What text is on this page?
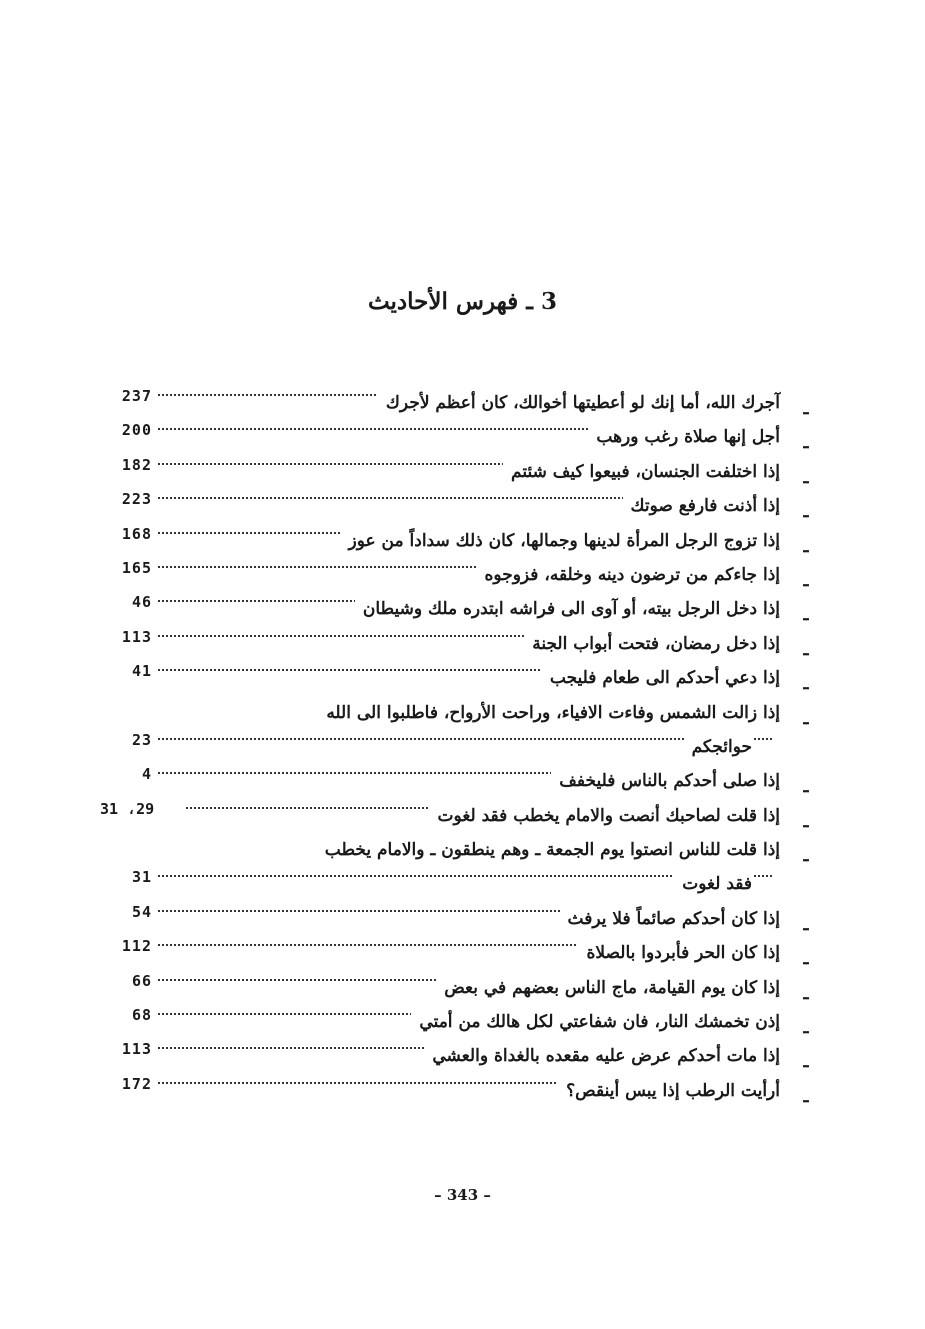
3 ـ فهرس الأحاديث
ـ
آجرك الله، أما إنك لو أعطيتها أخوالك، كان أعظم لأجرك
237
ـ
أجل إنها صلاة رغب ورهب
200
ـ
إذا اختلفت الجنسان، فبيعوا كيف شئتم
182
ـ
إذا أذنت فارفع صوتك
223
ـ
إذا تزوج الرجل المرأة لدينها وجمالها، كان ذلك سداداً من عوز
168
ـ
إذا جاءكم من ترضون دينه وخلقه، فزوجوه
165
ـ
إذا دخل الرجل بيته، أو آوى الى فراشه ابتدره ملك وشيطان
46
ـ
إذا دخل رمضان، فتحت أبواب الجنة
113
ـ
إذا دعي أحدكم الى طعام فليجب
41
ـ
إذا زالت الشمس وفاءت الافياء، وراحت الأرواح، فاطلبوا الى الله
حوائجكم
23
ـ
إذا صلى أحدكم بالناس فليخفف
4
ـ
إذا قلت لصاحبك أنصت والامام يخطب فقد لغوت
29، 31
ـ
إذا قلت للناس انصتوا يوم الجمعة ـ وهم ينطقون ـ والامام يخطب
فقد لغوت
31
ـ
إذا كان أحدكم صائماً فلا يرفث
54
ـ
إذا كان الحر فأبردوا بالصلاة
112
ـ
إذا كان يوم القيامة، ماج الناس بعضهم في بعض
66
ـ
إذن تخمشك النار، فان شفاعتي لكل هالك من أمتي
68
ـ
إذا مات أحدكم عرض عليه مقعده بالغداة والعشي
113
ـ
أرأيت الرطب إذا يبس أينقص؟
172
– 343 –
